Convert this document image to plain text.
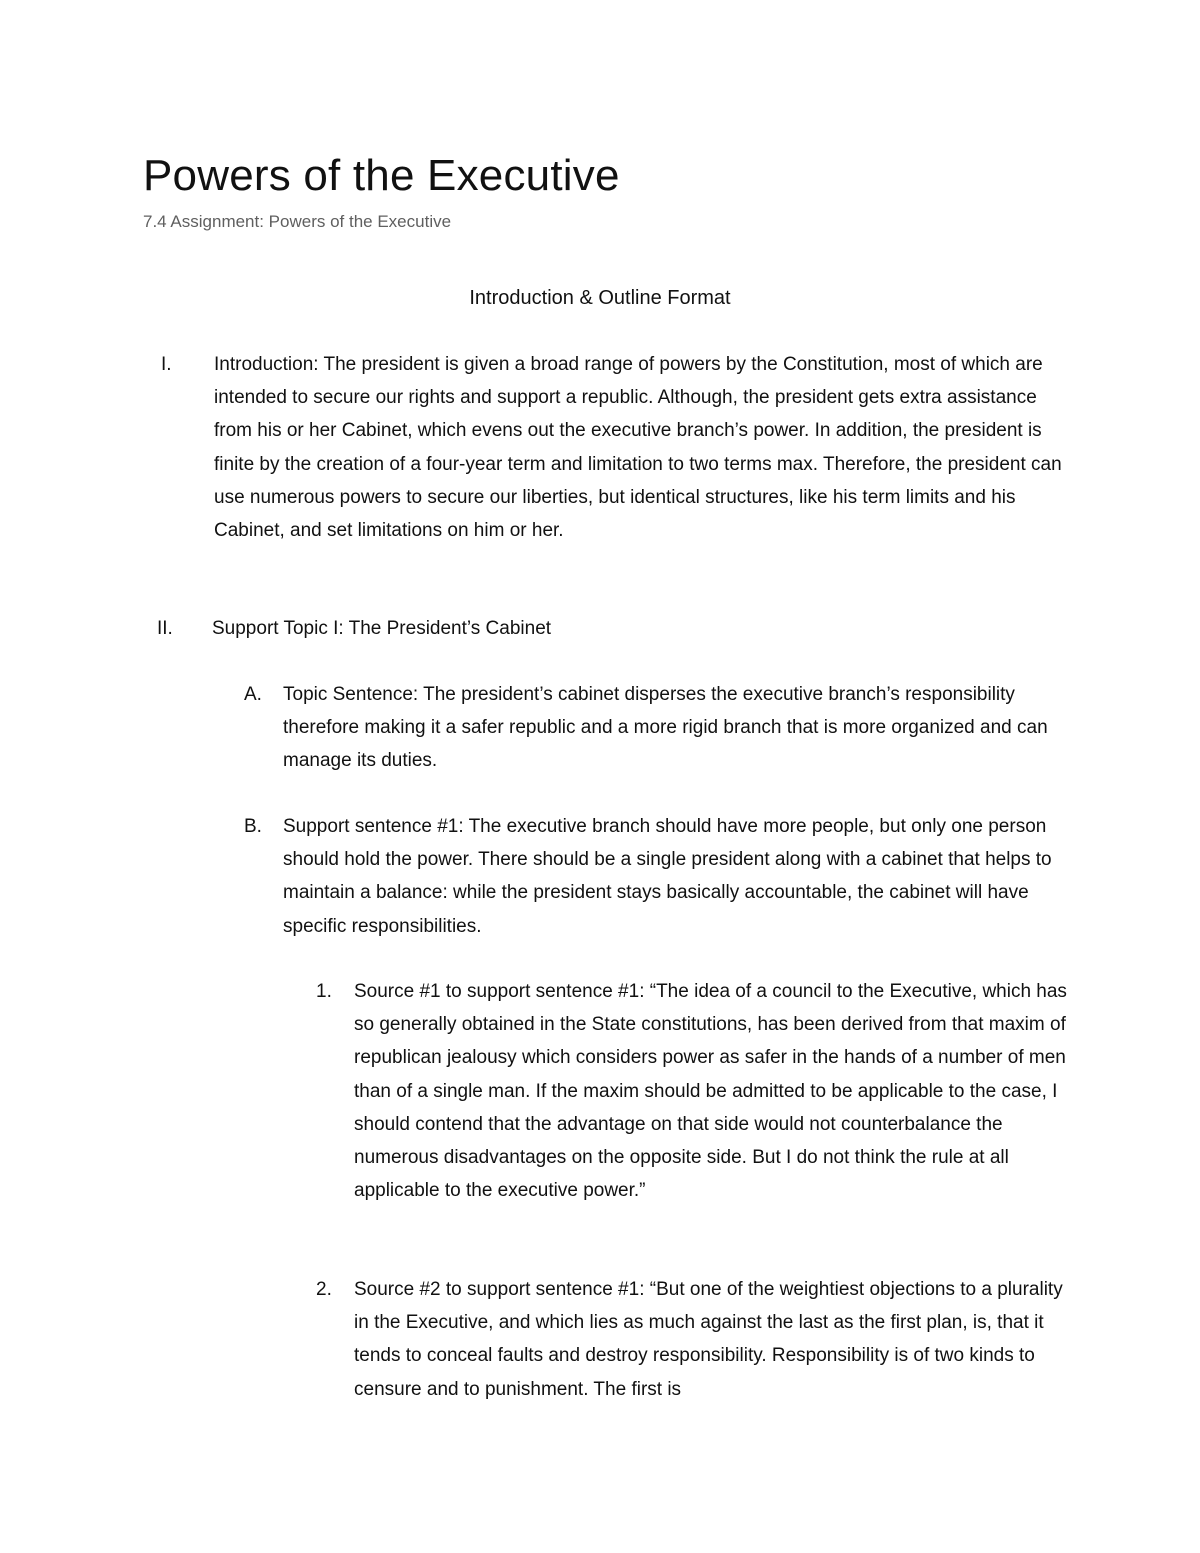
Powers of the Executive

7.4 Assignment: Powers of the Executive

Introduction & Outline Format

I. Introduction: The president is given a broad range of powers by the Constitution, most of which are intended to secure our rights and support a republic. Although, the president gets extra assistance from his or her Cabinet, which evens out the executive branch’s power. In addition, the president is finite by the creation of a four-year term and limitation to two terms max. Therefore, the president can use numerous powers to secure our liberties, but identical structures, like his term limits and his Cabinet, and set limitations on him or her.

II. Support Topic I: The President’s Cabinet

A. Topic Sentence: The president’s cabinet disperses the executive branch’s responsibility therefore making it a safer republic and a more rigid branch that is more organized and can manage its duties.

B. Support sentence #1: The executive branch should have more people, but only one person should hold the power. There should be a single president along with a cabinet that helps to maintain a balance: while the president stays basically accountable, the cabinet will have specific responsibilities.

1. Source #1 to support sentence #1: “The idea of a council to the Executive, which has so generally obtained in the State constitutions, has been derived from that maxim of republican jealousy which considers power as safer in the hands of a number of men than of a single man. If the maxim should be admitted to be applicable to the case, I should contend that the advantage on that side would not counterbalance the numerous disadvantages on the opposite side. But I do not think the rule at all applicable to the executive power.”

2. Source #2 to support sentence #1: “But one of the weightiest objections to a plurality in the Executive, and which lies as much against the last as the first plan, is, that it tends to conceal faults and destroy responsibility. Responsibility is of two kinds to censure and to punishment. The first is
